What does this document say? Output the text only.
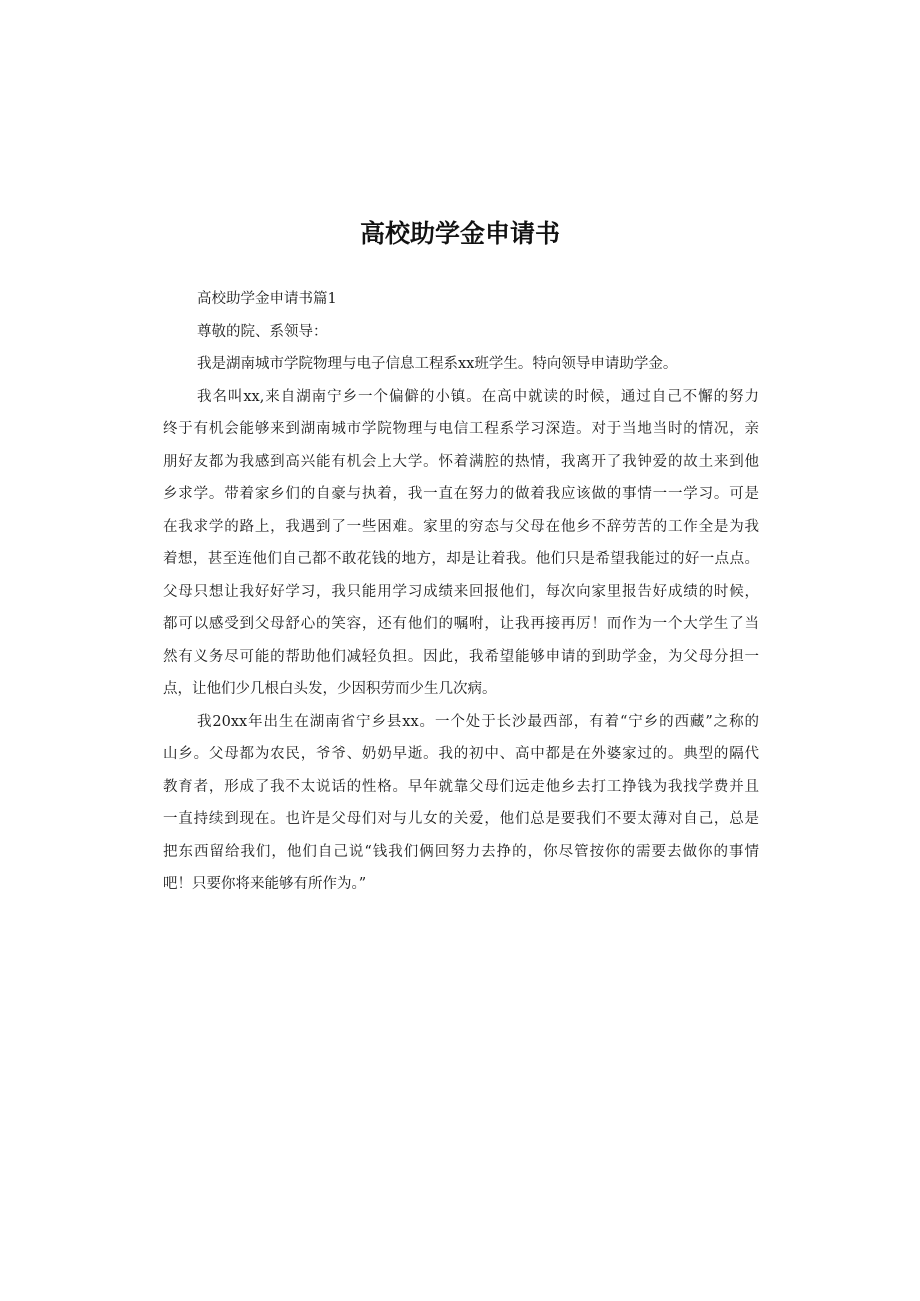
高校助学金申请书

高校助学金申请书篇1

尊敬的院、系领导：

我是湖南城市学院物理与电子信息工程系xx班学生。特向领导申请助学金。

我名叫xx,来自湖南宁乡一个偏僻的小镇。在高中就读的时候，通过自己不懈的努力

终于有机会能够来到湖南城市学院物理与电信工程系学习深造。对于当地当时的情况，亲

朋好友都为我感到高兴能有机会上大学。怀着满腔的热情，我离开了我钟爱的故土来到他

乡求学。带着家乡们的自豪与执着，我一直在努力的做着我应该做的事情一一学习。可是

在我求学的路上，我遇到了一些困难。家里的穷态与父母在他乡不辞劳苦的工作全是为我

着想，甚至连他们自己都不敢花钱的地方，却是让着我。他们只是希望我能过的好一点点。

父母只想让我好好学习，我只能用学习成绩来回报他们，每次向家里报告好成绩的时候，

都可以感受到父母舒心的笑容，还有他们的嘱咐，让我再接再厉！而作为一个大学生了当

然有义务尽可能的帮助他们减轻负担。因此，我希望能够申请的到助学金，为父母分担一

点，让他们少几根白头发，少因积劳而少生几次病。

我20xx年出生在湖南省宁乡县xx。一个处于长沙最西部，有着“宁乡的西藏”之称的

山乡。父母都为农民，爷爷、奶奶早逝。我的初中、高中都是在外婆家过的。典型的隔代

教育者，形成了我不太说话的性格。早年就靠父母们远走他乡去打工挣钱为我找学费并且

一直持续到现在。也许是父母们对与儿女的关爱，他们总是要我们不要太薄对自己，总是

把东西留给我们，他们自己说“钱我们俩回努力去挣的，你尽管按你的需要去做你的事情

吧！只要你将来能够有所作为。”
